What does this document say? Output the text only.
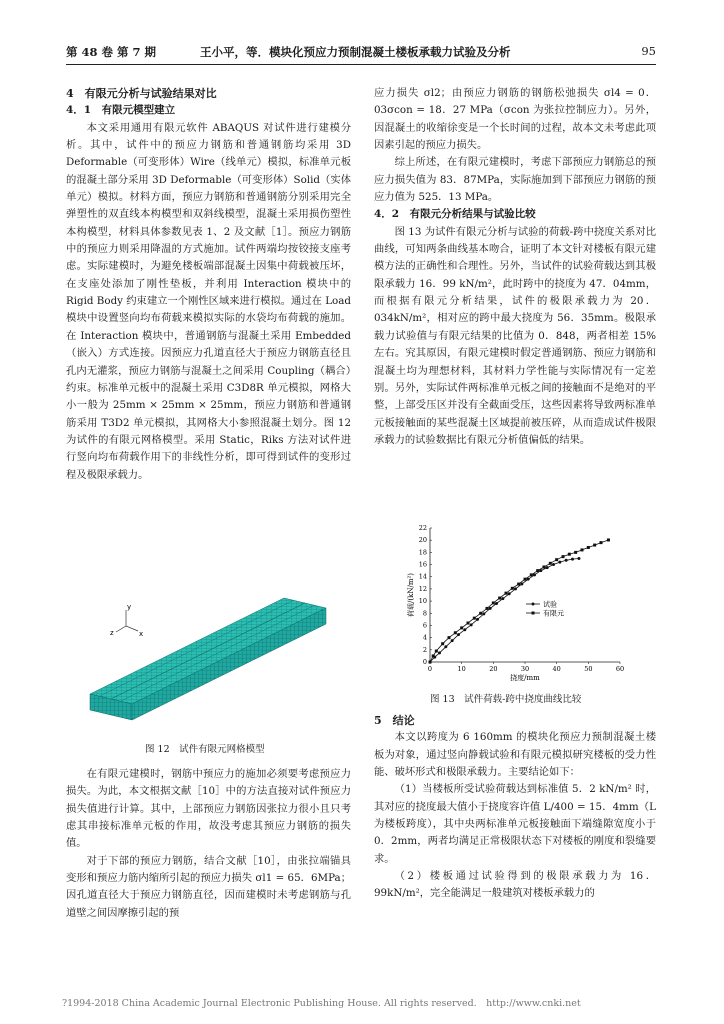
第 48 卷 第 7 期	王小平，等．模块化预应力预制混凝土楼板承载力试验及分析	95
4　有限元分析与试验结果对比
4．1　有限元模型建立

本文采用通用有限元软件 ABAQUS 对试件进行建模分析。其中，试件中的预应力钢筋和普通钢筋均采用 3D Deformable（可变形体）Wire（线单元）模拟，标准单元板的混凝土部分采用 3D Deformable（可变形体）Solid（实体单元）模拟。材料方面，预应力钢筋和普通钢筋分别采用完全弹塑性的双直线本构模型和双斜线模型，混凝土采用损伤塑性本构模型，材料具体参数见表 1、2 及文献［1］。预应力钢筋中的预应力则采用降温的方式施加。试件两端均按铰接支座考虑。实际建模时，为避免楼板端部混凝土因集中荷载被压坏，在支座处添加了刚性垫板，并利用 Interaction 模块中的 Rigid Body 约束建立一个刚性区域来进行模拟。通过在 Load 模块中设置竖向均布荷载来模拟实际的水袋均布荷载的施加。在 Interaction 模块中，普通钢筋与混凝土采用 Embedded（嵌入）方式连接。因预应力孔道直径大于预应力钢筋直径且孔内无灌浆，预应力钢筋与混凝土之间采用 Coupling（耦合）约束。标准单元板中的混凝土采用 C3D8R 单元模拟，网格大小一般为 25mm × 25mm × 25mm，预应力钢筋和普通钢筋采用 T3D2 单元模拟，其网格大小参照混凝土划分。图 12 为试件的有限元网格模型。采用 Static，Riks 方法对试件进行竖向均布荷载作用下的非线性分析，即可得到试件的变形过程及极限承载力。

y
z	x
图 12　试件有限元网格模型

在有限元建模时，钢筋中预应力的施加必须要考虑预应力损失。为此，本文根据文献［10］中的方法直接对试件预应力损失值进行计算。其中，上部预应力钢筋因张拉力很小且只考虑其串接标准单元板的作用，故没考虑其预应力钢筋的损失值。

对于下部的预应力钢筋，结合文献［10］，由张拉端锚具变形和预应力筋内缩所引起的预应力损失 σl1 = 65．6MPa；因孔道直径大于预应力钢筋直径，因而建模时未考虑钢筋与孔道壁之间因摩擦引起的预

应力损失 σl2；由预应力钢筋的钢筋松弛损失 σl4 = 0．03σcon = 18．27 MPa（σcon 为张拉控制应力）。另外，因混凝土的收缩徐变是一个长时间的过程，故本文未考虑此项因素引起的预应力损失。

综上所述，在有限元建模时，考虑下部预应力钢筋总的预应力损失值为 83．87MPa，实际施加到下部预应力钢筋的预应力值为 525．13 MPa。

4．2　有限元分析结果与试验比较

图 13 为试件有限元分析与试验的荷载-跨中挠度关系对比曲线，可知两条曲线基本吻合，证明了本文针对楼板有限元建模方法的正确性和合理性。另外，当试件的试验荷载达到其极限承载力 16．99 kN/m²，此时跨中的挠度为 47．04mm，而根据有限元分析结果，试件的极限承载力为 20．034kN/m²，相对应的跨中最大挠度为 56．35mm。极限承载力试验值与有限元结果的比值为 0．848，两者相差 15% 左右。究其原因，有限元建模时假定普通钢筋、预应力钢筋和混凝土均为理想材料，其材料力学性能与实际情况有一定差别。另外，实际试件两标准单元板之间的接触面不是绝对的平整，上部受压区并没有全截面受压，这些因素将导致两标准单元板接触面的某些混凝土区域提前被压碎，从而造成试件极限承载力的试验数据比有限元分析值偏低的结果。

0	10	20	30	40	50	60
0
2
4
6
8
10
12
14
16
18
20
22
挠度/mm
荷载/(kN/m²)	试验
有限元
图 13　试件荷载-跨中挠度曲线比较
5　结论

本文以跨度为 6 160mm 的模块化预应力预制混凝土楼板为对象，通过竖向静载试验和有限元模拟研究楼板的受力性能、破坏形式和极限承载力。主要结论如下：

（1）当楼板所受试验荷载达到标准值 5．2 kN/m² 时，其对应的挠度最大值小于挠度容许值 L/400 = 15．4mm（L 为楼板跨度），其中央两标准单元板接触面下端缝隙宽度小于 0．2mm，两者均满足正常极限状态下对楼板的刚度和裂缝要求。

（2）楼板通过试验得到的极限承载力为 16．99kN/m²，完全能满足一般建筑对楼板承载力的

?1994-2018 China Academic Journal Electronic Publishing House. All rights reserved.　http://www.cnki.net
